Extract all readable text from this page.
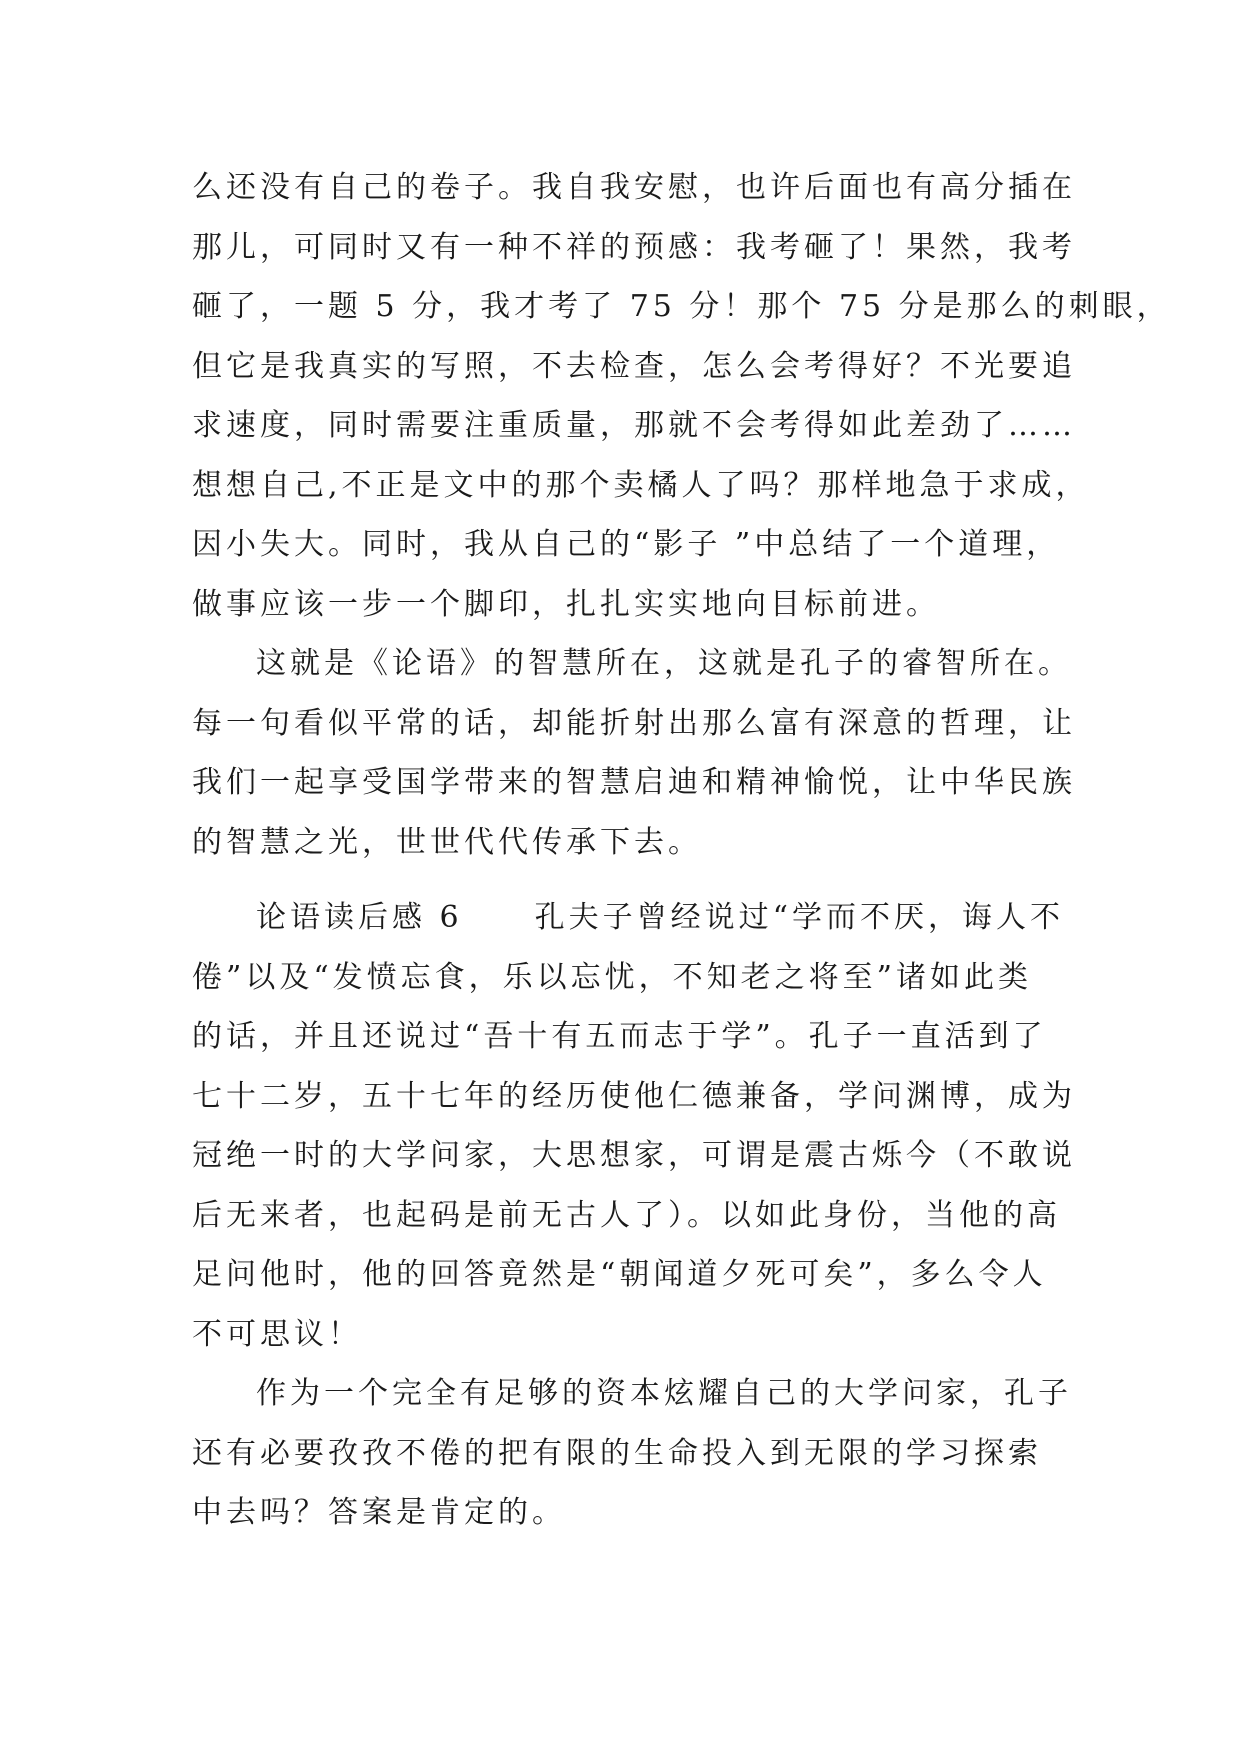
么还没有自己的卷子。我自我安慰，也许后面也有高分插在
那儿，可同时又有一种不祥的预感：我考砸了！果然，我考
砸了，一题 5 分，我才考了 75 分！那个 75 分是那么的刺眼，
但它是我真实的写照，不去检查，怎么会考得好？不光要追
求速度，同时需要注重质量，那就不会考得如此差劲了……
想想自己,不正是文中的那个卖橘人了吗？那样地急于求成，
因小失大。同时，我从自己的“影子 ”中总结了一个道理，
做事应该一步一个脚印，扎扎实实地向目标前进。
这就是《论语》的智慧所在，这就是孔子的睿智所在。
每一句看似平常的话，却能折射出那么富有深意的哲理，让
我们一起享受国学带来的智慧启迪和精神愉悦，让中华民族
的智慧之光，世世代代传承下去。
论语读后感 6 孔夫子曾经说过“学而不厌，诲人不
倦”以及“发愤忘食，乐以忘忧，不知老之将至”诸如此类
的话，并且还说过“吾十有五而志于学”。孔子一直活到了
七十二岁，五十七年的经历使他仁德兼备，学问渊博，成为
冠绝一时的大学问家，大思想家，可谓是震古烁今（不敢说
后无来者，也起码是前无古人了）。以如此身份，当他的高
足问他时，他的回答竟然是“朝闻道夕死可矣”，多么令人
不可思议！
作为一个完全有足够的资本炫耀自己的大学问家，孔子
还有必要孜孜不倦的把有限的生命投入到无限的学习探索
中去吗？答案是肯定的。
